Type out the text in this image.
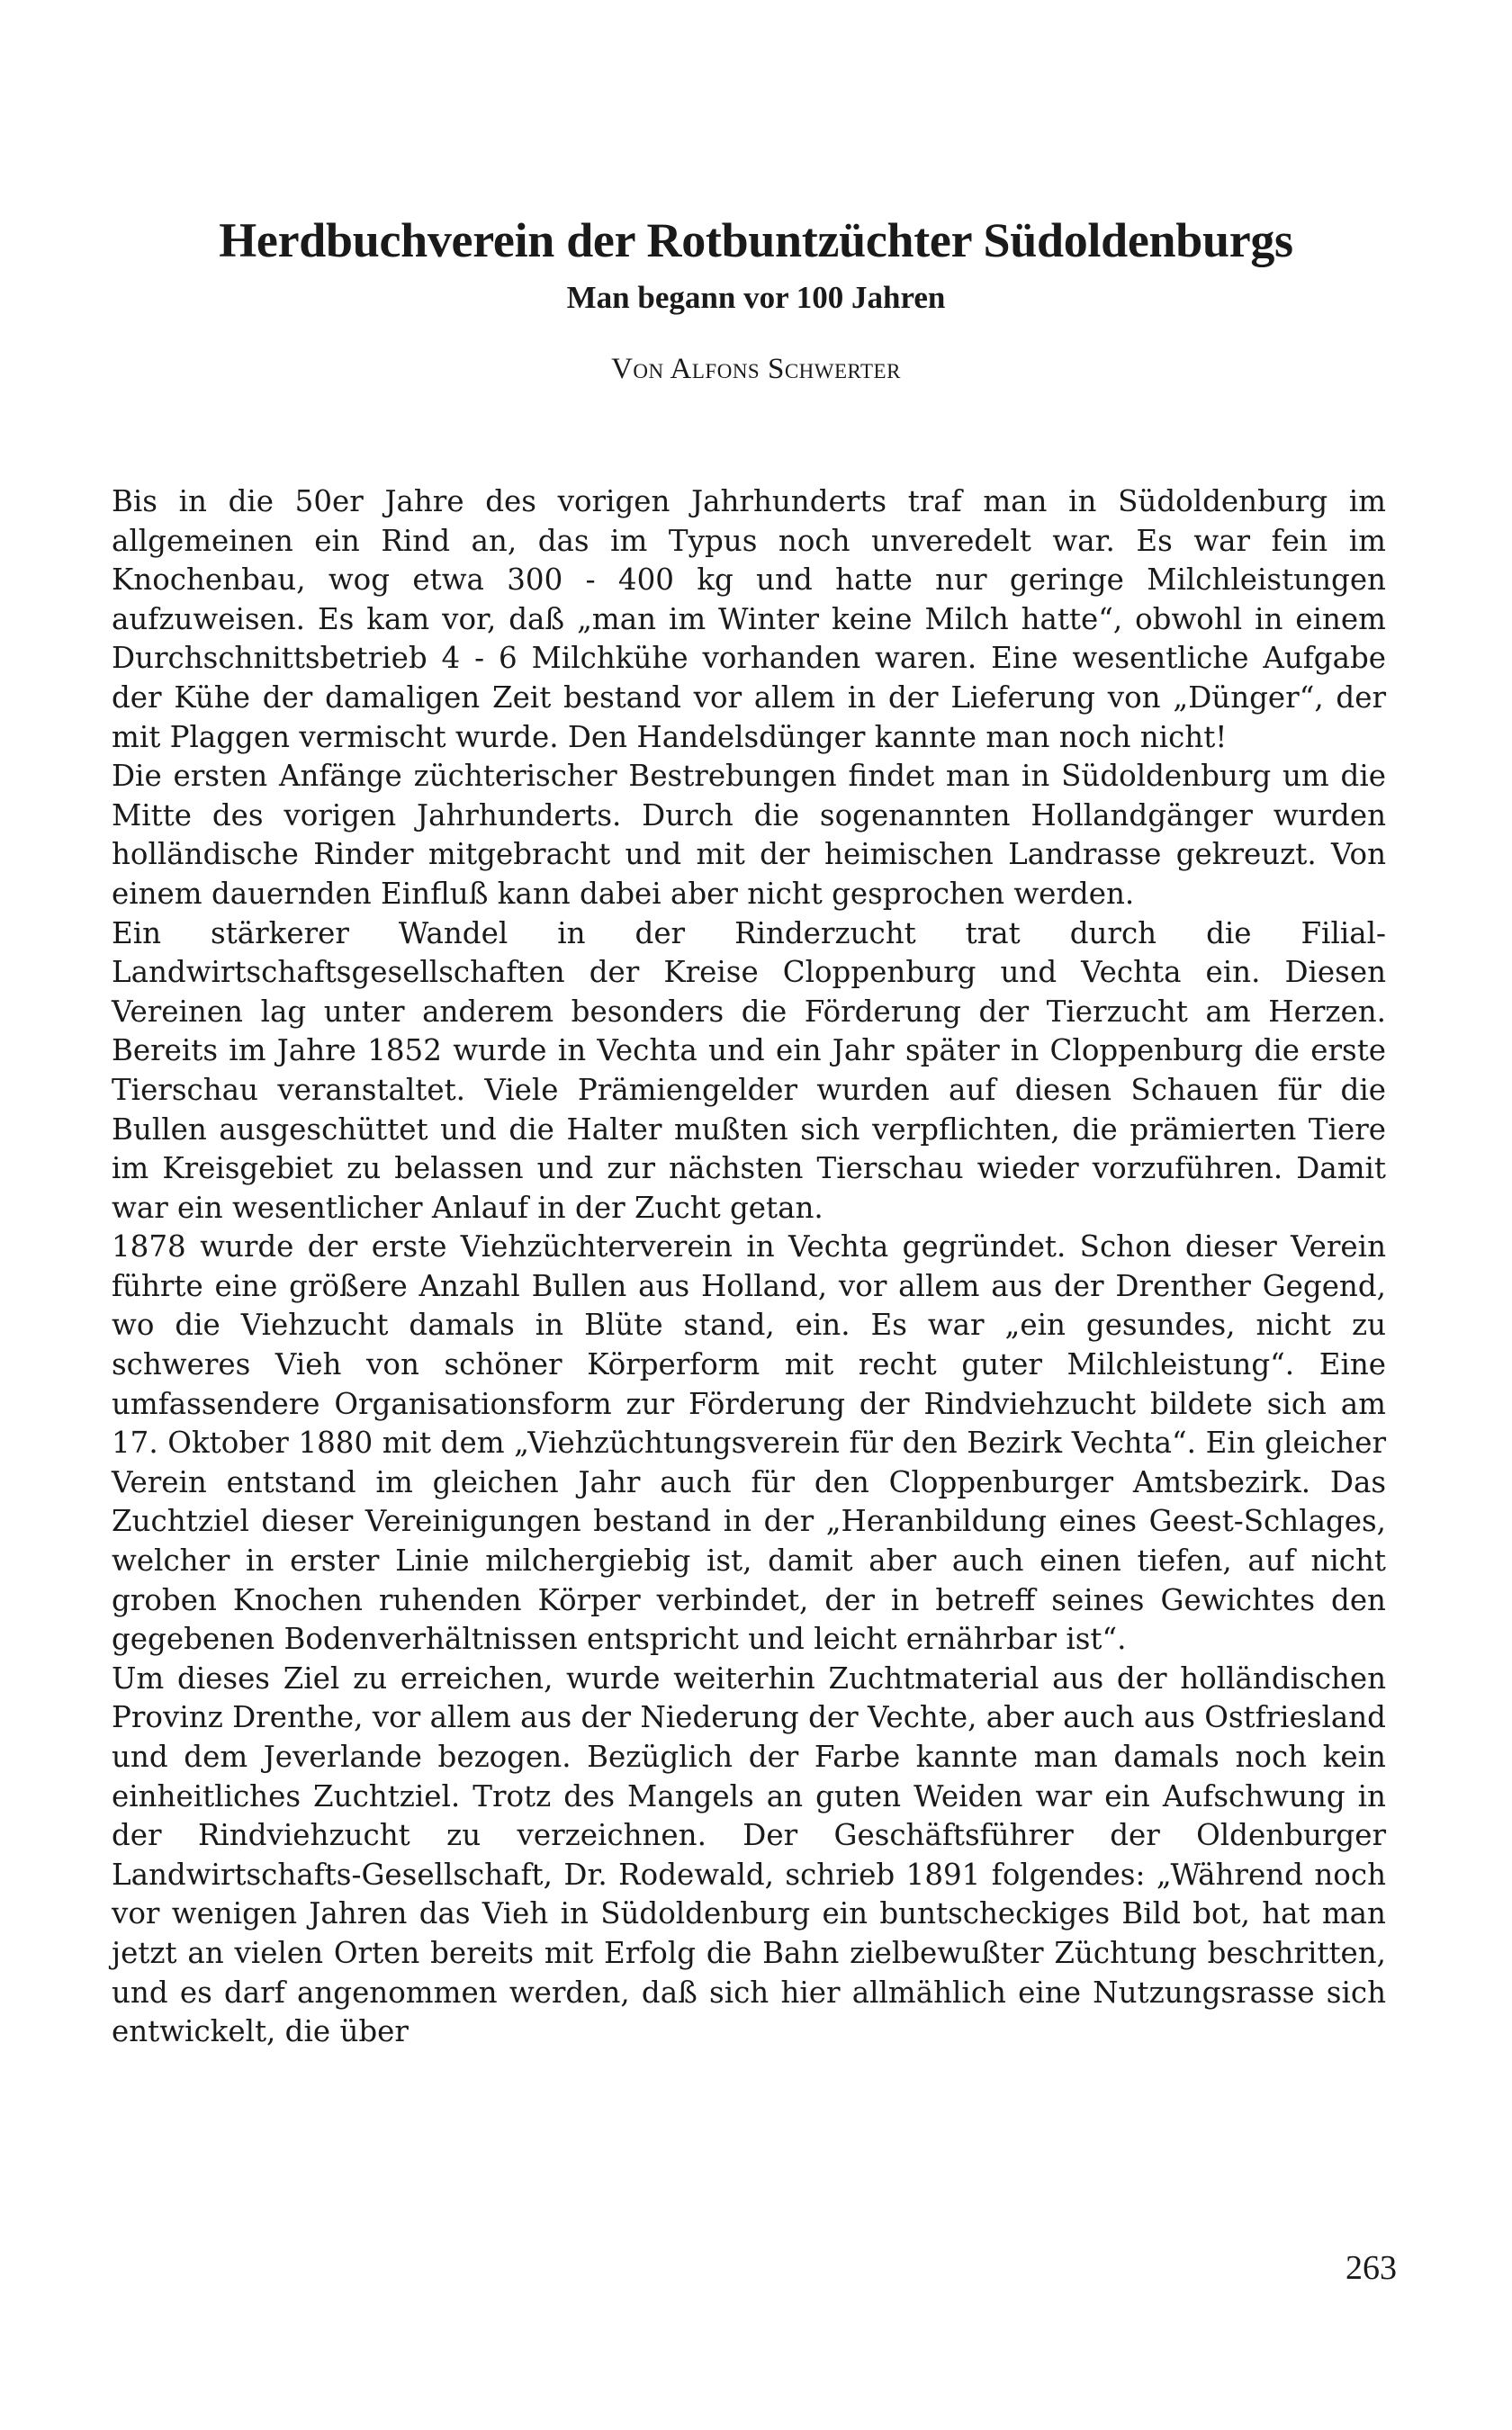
Herdbuchverein der Rotbuntzüchter Südoldenburgs
Man begann vor 100 Jahren
Von Alfons Schwerter

Bis in die 50er Jahre des vorigen Jahrhunderts traf man in Südoldenburg im allgemeinen ein Rind an, das im Typus noch unveredelt war. Es war fein im Knochenbau, wog etwa 300 - 400 kg und hatte nur geringe Milchleistungen aufzuweisen. Es kam vor, daß „man im Winter keine Milch hatte“, obwohl in einem Durchschnittsbetrieb 4 - 6 Milchkühe vorhanden waren. Eine wesentliche Aufgabe der Kühe der damaligen Zeit bestand vor allem in der Lieferung von „Dünger“, der mit Plaggen vermischt wurde. Den Handelsdünger kannte man noch nicht!

Die ersten Anfänge züchterischer Bestrebungen findet man in Südoldenburg um die Mitte des vorigen Jahrhunderts. Durch die sogenannten Hollandgänger wurden holländische Rinder mitgebracht und mit der heimischen Landrasse gekreuzt. Von einem dauernden Einfluß kann dabei aber nicht gesprochen werden.

Ein stärkerer Wandel in der Rinderzucht trat durch die Filial-Landwirtschaftsgesellschaften der Kreise Cloppenburg und Vechta ein. Diesen Vereinen lag unter anderem besonders die Förderung der Tierzucht am Herzen. Bereits im Jahre 1852 wurde in Vechta und ein Jahr später in Cloppenburg die erste Tierschau veranstaltet. Viele Prämiengelder wurden auf diesen Schauen für die Bullen ausgeschüttet und die Halter mußten sich verpflichten, die prämierten Tiere im Kreisgebiet zu belassen und zur nächsten Tierschau wieder vorzuführen. Damit war ein wesentlicher Anlauf in der Zucht getan.

1878 wurde der erste Viehzüchterverein in Vechta gegründet. Schon dieser Verein führte eine größere Anzahl Bullen aus Holland, vor allem aus der Drenther Gegend, wo die Viehzucht damals in Blüte stand, ein. Es war „ein gesundes, nicht zu schweres Vieh von schöner Körperform mit recht guter Milchleistung“. Eine umfassendere Organisationsform zur Förderung der Rindviehzucht bildete sich am 17. Oktober 1880 mit dem „Viehzüchtungsverein für den Bezirk Vechta“. Ein gleicher Verein entstand im gleichen Jahr auch für den Cloppenburger Amtsbezirk. Das Zuchtziel dieser Vereinigungen bestand in der „Heranbildung eines Geest-Schlages, welcher in erster Linie milchergiebig ist, damit aber auch einen tiefen, auf nicht groben Knochen ruhenden Körper verbindet, der in betreff seines Gewichtes den gegebenen Bodenverhältnissen entspricht und leicht ernährbar ist“.

Um dieses Ziel zu erreichen, wurde weiterhin Zuchtmaterial aus der holländischen Provinz Drenthe, vor allem aus der Niederung der Vechte, aber auch aus Ostfriesland und dem Jeverlande bezogen. Bezüglich der Farbe kannte man damals noch kein einheitliches Zuchtziel. Trotz des Mangels an guten Weiden war ein Aufschwung in der Rindviehzucht zu verzeichnen. Der Geschäftsführer der Oldenburger Landwirtschafts-Gesellschaft, Dr. Rodewald, schrieb 1891 folgendes: „Während noch vor wenigen Jahren das Vieh in Südoldenburg ein buntscheckiges Bild bot, hat man jetzt an vielen Orten bereits mit Erfolg die Bahn zielbewußter Züchtung beschritten, und es darf angenommen werden, daß sich hier allmählich eine Nutzungsrasse sich entwickelt, die über

263
